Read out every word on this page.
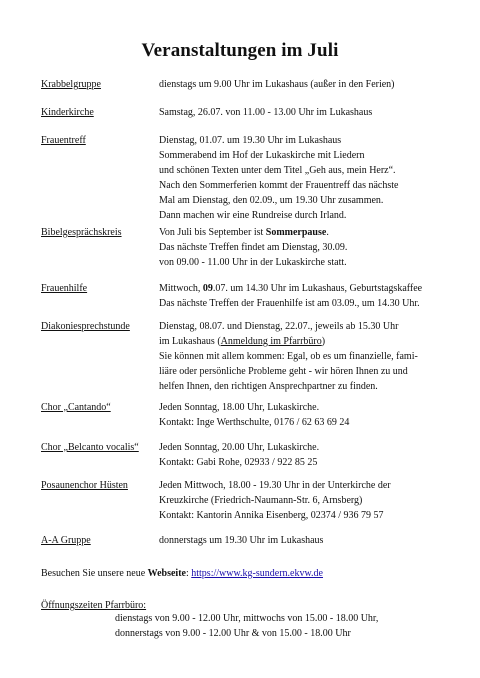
Veranstaltungen im Juli
Krabbelgruppe	dienstags um 9.00 Uhr im Lukashaus (außer in den Ferien)
Kinderkirche	Samstag, 26.07. von 11.00 - 13.00 Uhr im Lukashaus
Frauentreff	Dienstag, 01.07. um 19.30 Uhr im Lukashaus
Sommerabend im Hof der Lukaskirche mit Liedern
und schönen Texten unter dem Titel „Geh aus, mein Herz“.
Nach den Sommerferien kommt der Frauentreff das nächste
Mal am Dienstag, den 02.09., um 19.30 Uhr zusammen.
Dann machen wir eine Rundreise durch Irland.
Bibelgesprächskreis	Von Juli bis September ist Sommerpause.
Das nächste Treffen findet am Dienstag, 30.09.
von 09.00 - 11.00 Uhr in der Lukaskirche statt.
Frauenhilfe	Mittwoch, 09.07. um 14.30 Uhr im Lukashaus, Geburtstagskaffee
Das nächste Treffen der Frauenhilfe ist am 03.09., um 14.30 Uhr.
Diakoniesprechstunde	Dienstag, 08.07. und Dienstag, 22.07., jeweils ab 15.30 Uhr
im Lukashaus (Anmeldung im Pfarrbüro)
Sie können mit allem kommen: Egal, ob es um finanzielle, fami-
liäre oder persönliche Probleme geht - wir hören Ihnen zu und
helfen Ihnen, den richtigen Ansprechpartner zu finden.
Chor „Cantando“	Jeden Sonntag, 18.00 Uhr, Lukaskirche.
Kontakt: Inge Werthschulte, 0176 / 62 63 69 24
Chor „Belcanto vocalis“ Jeden Sonntag, 20.00 Uhr, Lukaskirche.
Kontakt: Gabi Rohe, 02933 / 922 85 25
Posaunenchor Hüsten	Jeden Mittwoch, 18.00 - 19.30 Uhr in der Unterkirche der
Kreuzkirche (Friedrich-Naumann-Str. 6, Arnsberg)
Kontakt: Kantorin Annika Eisenberg, 02374 / 936 79 57
A-A Gruppe	donnerstags um 19.30 Uhr im Lukashaus
Besuchen Sie unsere neue Webseite: https://www.kg-sundern.ekvw.de
Öffnungszeiten Pfarrbüro:
dienstags von 9.00 - 12.00 Uhr, mittwochs von 15.00 - 18.00 Uhr,
donnerstags von 9.00 - 12.00 Uhr & von 15.00 - 18.00 Uhr
